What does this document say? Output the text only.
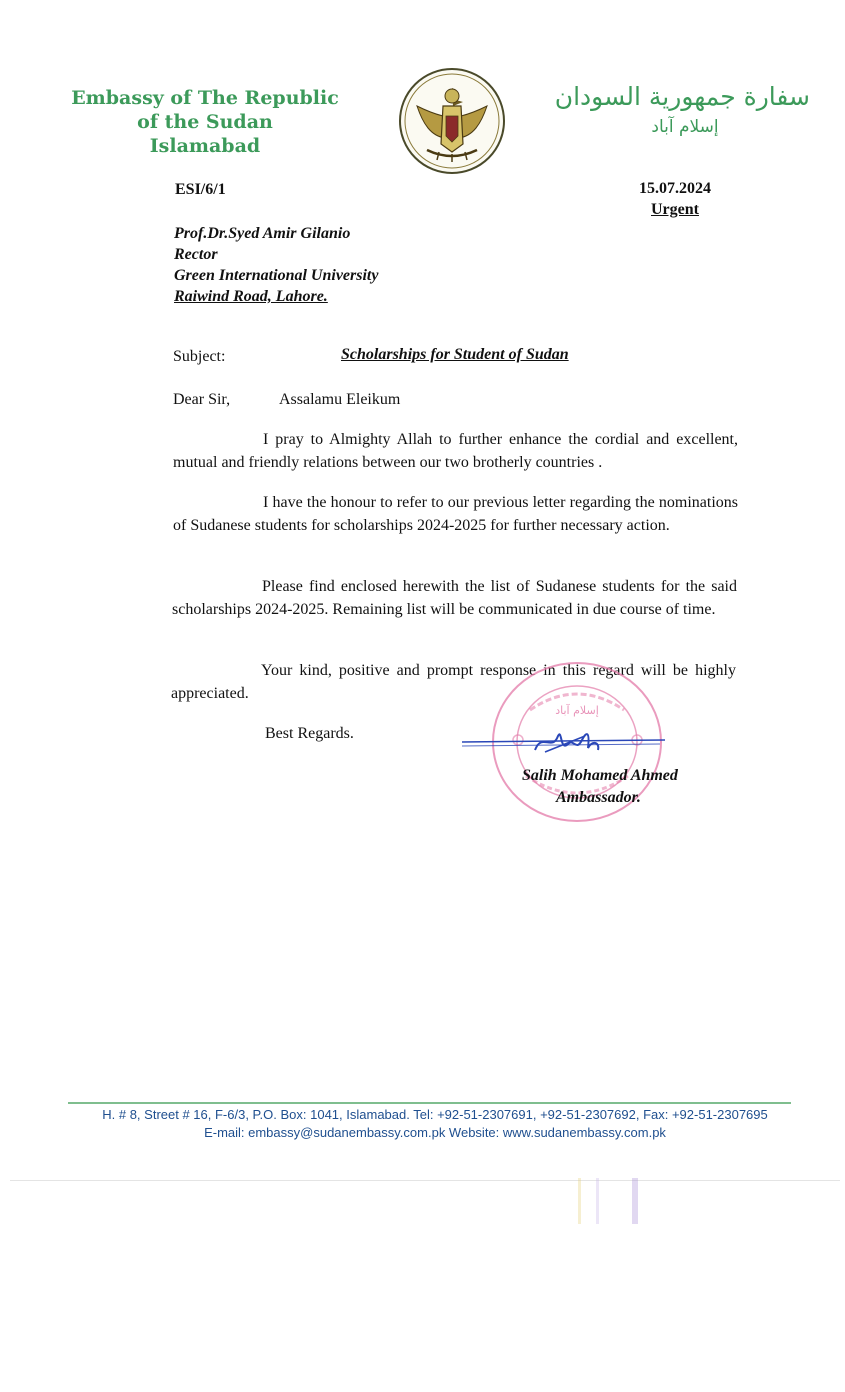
Embassy of The Republic
of the Sudan
Islamabad
سفارة جمهورية السودان
إسلام آباد
ESI/6/1	15.07.2024
Urgent
Prof.Dr.Syed Amir Gilanio
Rector
Green International University
Raiwind Road, Lahore.
Subject:	Scholarships for Student of Sudan
Dear Sir,	Assalamu Eleikum
I pray to Almighty Allah to further enhance the cordial and excellent, mutual and friendly relations between our two brotherly countries .
I have the honour to refer to our previous letter regarding the nominations of Sudanese students for scholarships 2024-2025 for further necessary action.
Please find enclosed herewith the list of Sudanese students for the said scholarships 2024-2025. Remaining list will be communicated in due course of time.
Your kind, positive and prompt response in this regard will be highly appreciated.
Best Regards.
إسلام آباد
Salih Mohamed Ahmed
Ambassador.
H. # 8, Street # 16, F-6/3, P.O. Box: 1041, Islamabad. Tel: +92-51-2307691, +92-51-2307692, Fax: +92-51-2307695
E-mail: embassy@sudanembassy.com.pk Website: www.sudanembassy.com.pk
